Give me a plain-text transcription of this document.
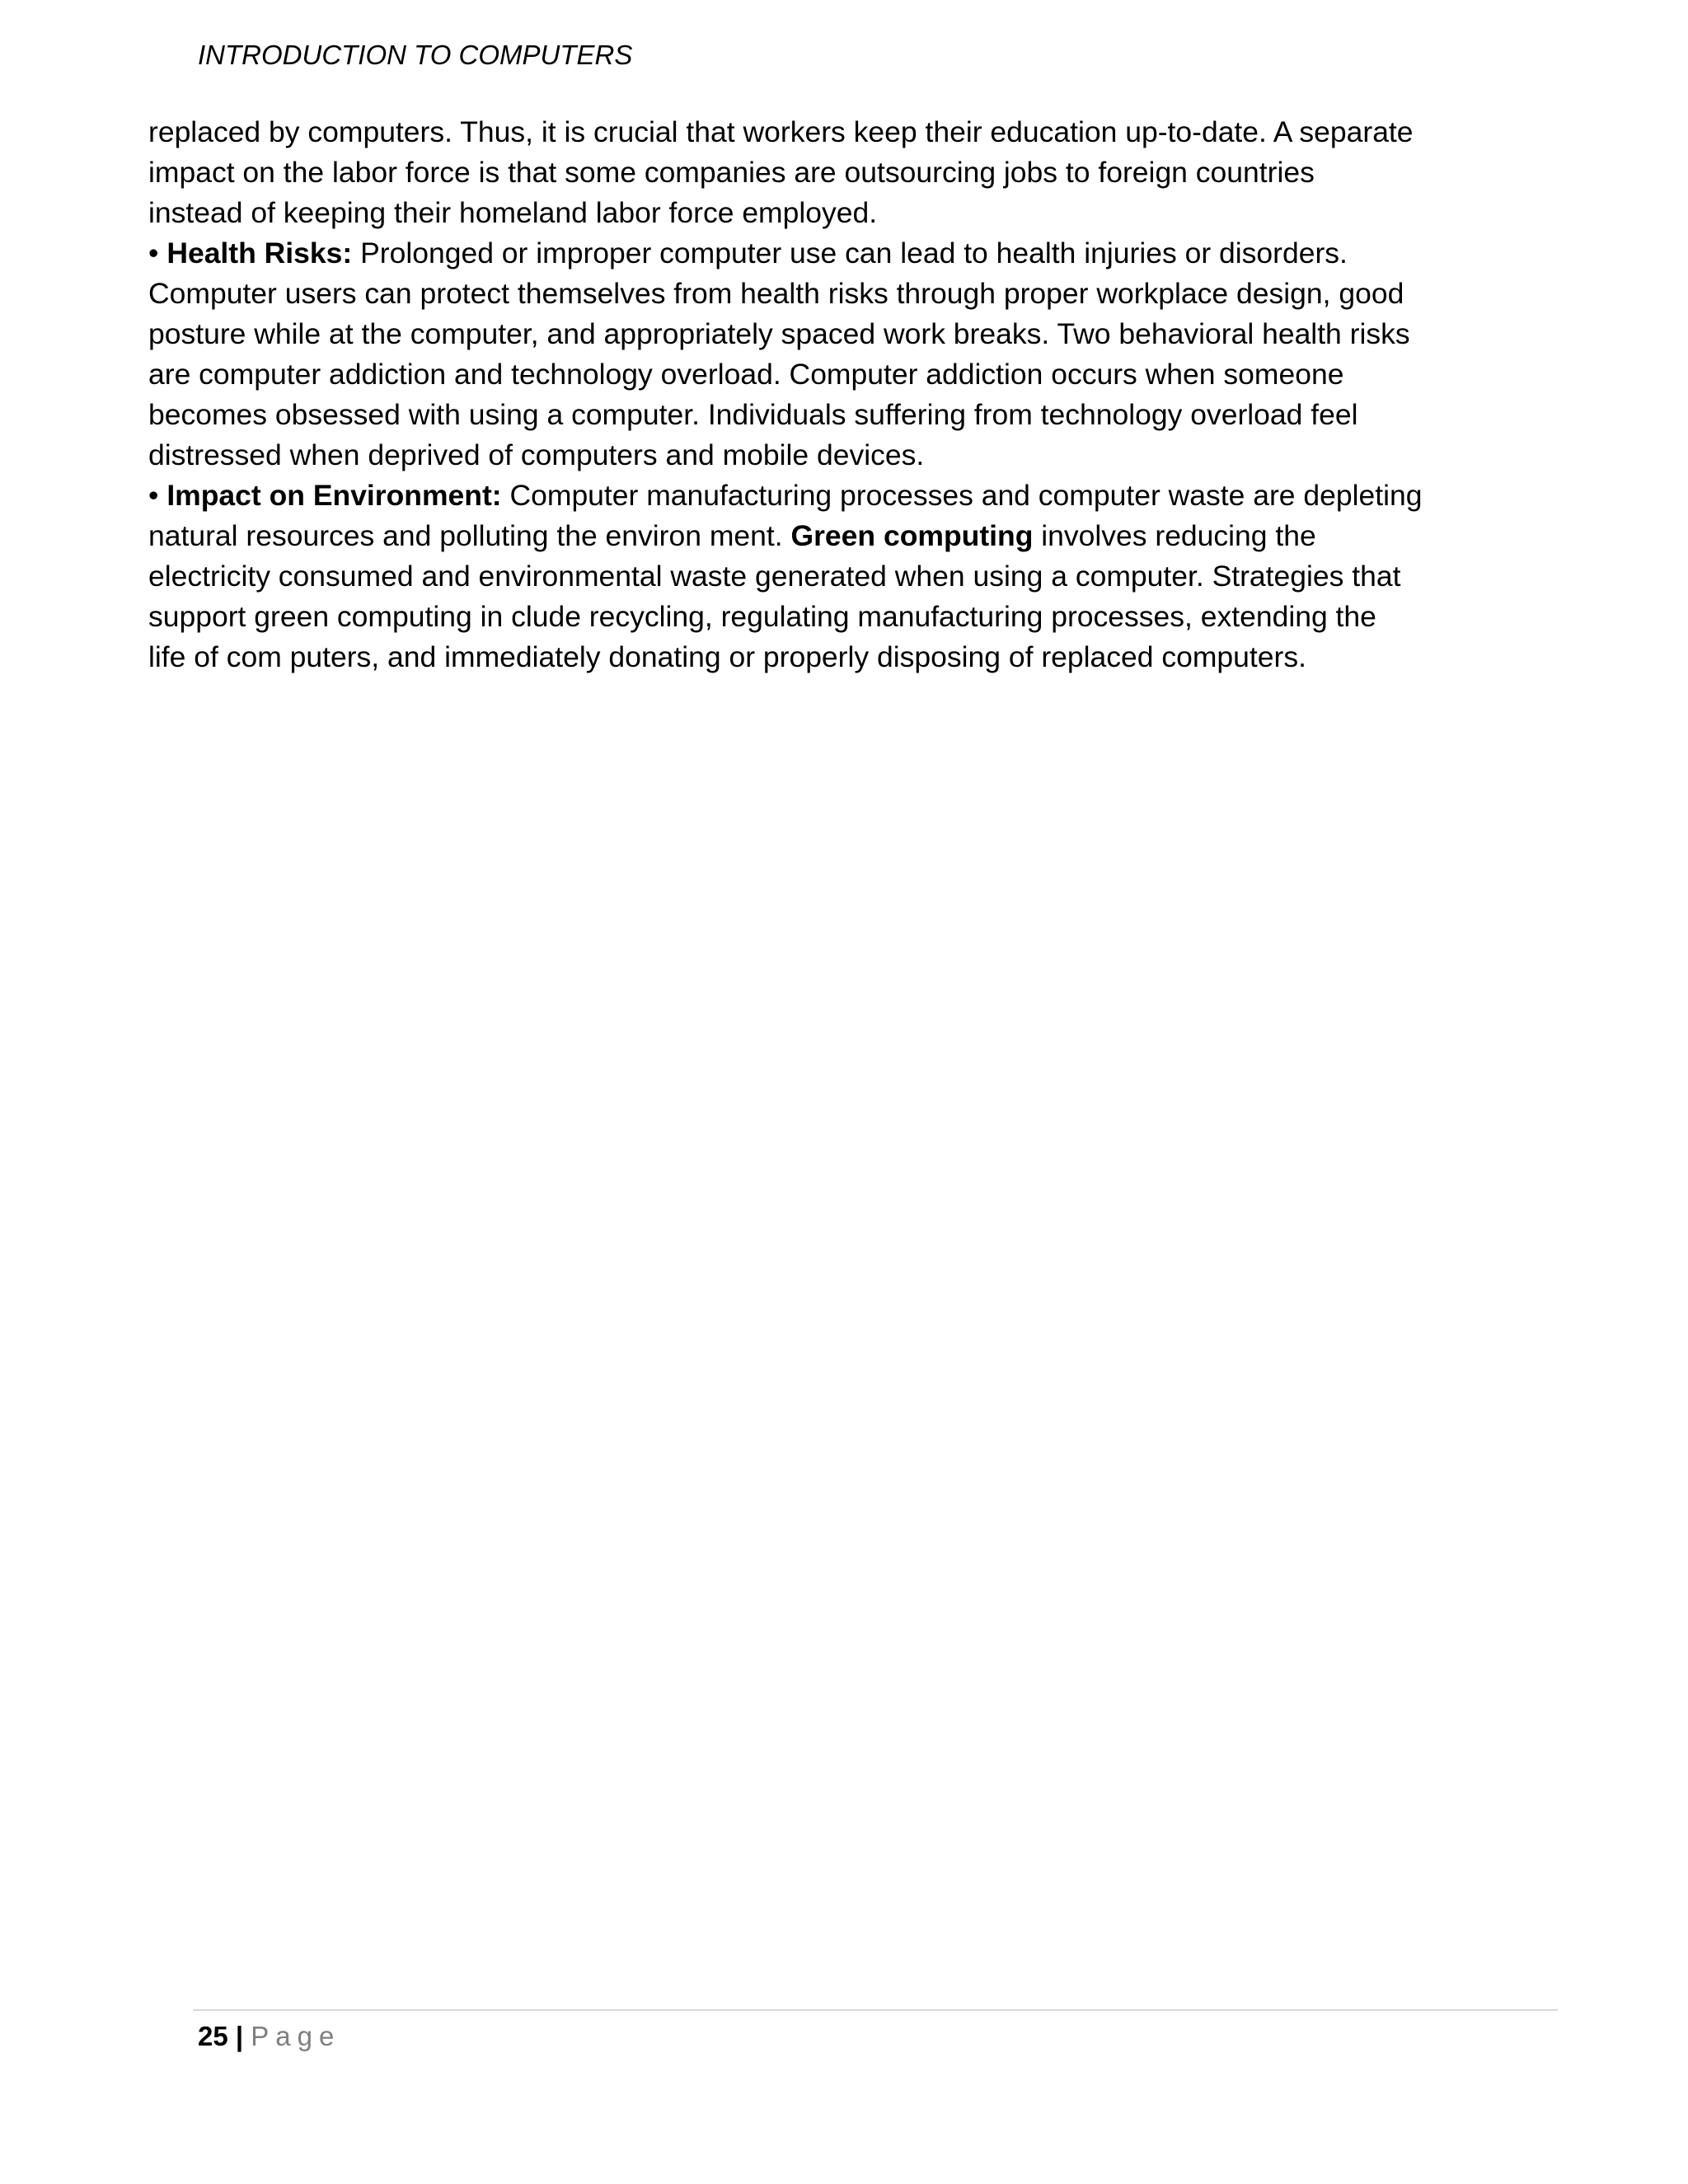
INTRODUCTION TO COMPUTERS

replaced by computers. Thus, it is crucial that workers keep their education up-to-date. A separate
impact on the labor force is that some companies are outsourcing jobs to foreign countries
instead of keeping their homeland labor force employed.

• Health Risks: Prolonged or improper computer use can lead to health injuries or disorders.
Computer users can protect themselves from health risks through proper workplace design, good
posture while at the computer, and appropriately spaced work breaks. Two behavioral health risks
are computer addiction and technology overload. Computer addiction occurs when someone
becomes obsessed with using a computer. Individuals suffering from technology overload feel
distressed when deprived of computers and mobile devices.

• Impact on Environment: Computer manufacturing processes and computer waste are depleting
natural resources and polluting the environ ment. Green computing involves reducing the
electricity consumed and environmental waste generated when using a computer. Strategies that
support green computing in clude recycling, regulating manufacturing processes, extending the
life of com puters, and immediately donating or properly disposing of replaced computers.

25 | Page
